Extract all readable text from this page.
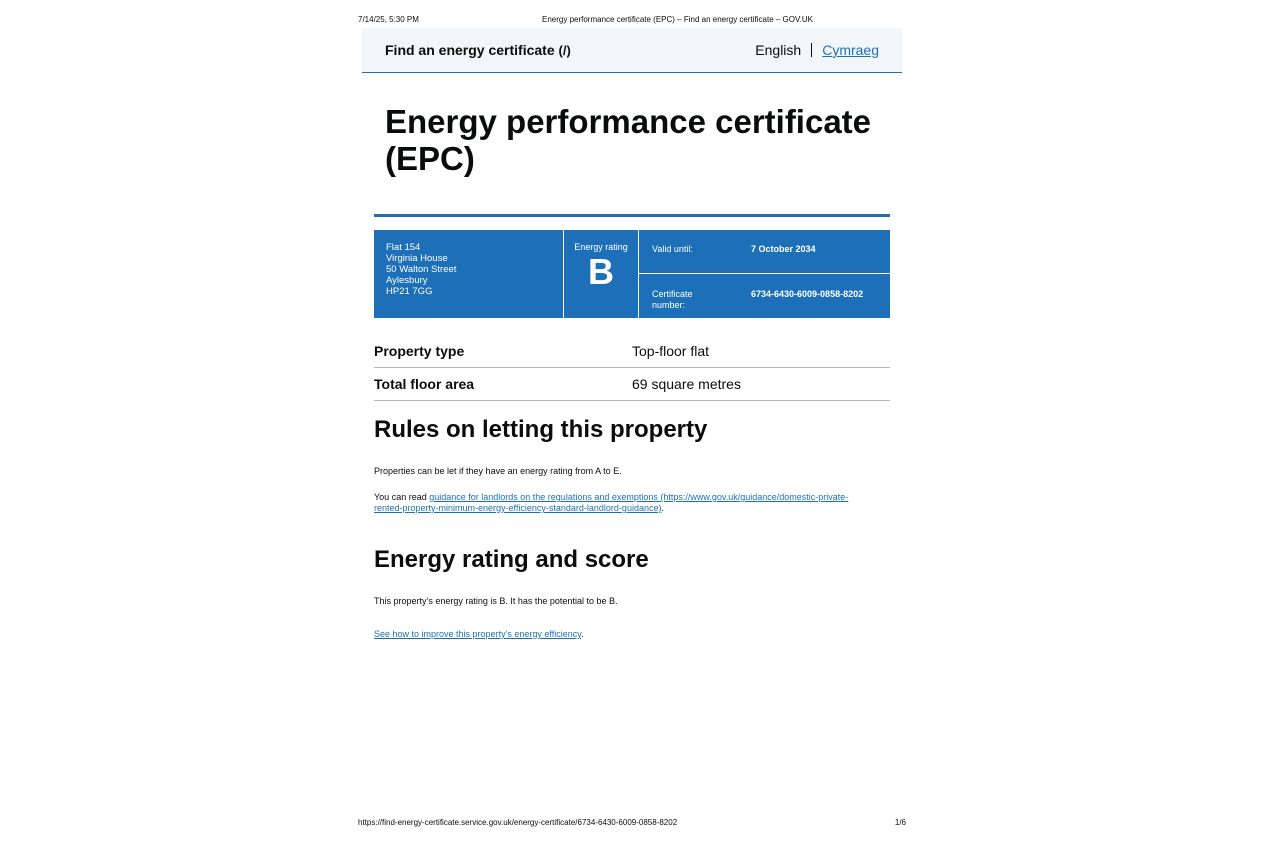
7/14/25, 5:30 PM	Energy performance certificate (EPC) – Find an energy certificate – GOV.UK
Find an energy certificate (/)	English Cymraeg
Energy performance certificate (EPC)
Flat 154
Virginia House
50 Walton Street
Aylesbury
HP21 7GG
Energy rating
B
Valid until:	7 October 2034
Certificate number:
6734-6430-6009-0858-8202
Property type	Top-floor flat
Total floor area	69 square metres
Rules on letting this property

Properties can be let if they have an energy rating from A to E.

You can read guidance for landlords on the regulations and exemptions (https://www.gov.uk/guidance/domestic-private-rented-property-minimum-energy-efficiency-standard-landlord-guidance).

Energy rating and score

This property’s energy rating is B. It has the potential to be B.

See how to improve this property’s energy efficiency.

https://find-energy-certificate.service.gov.uk/energy-certificate/6734-6430-6009-0858-8202	1/6
